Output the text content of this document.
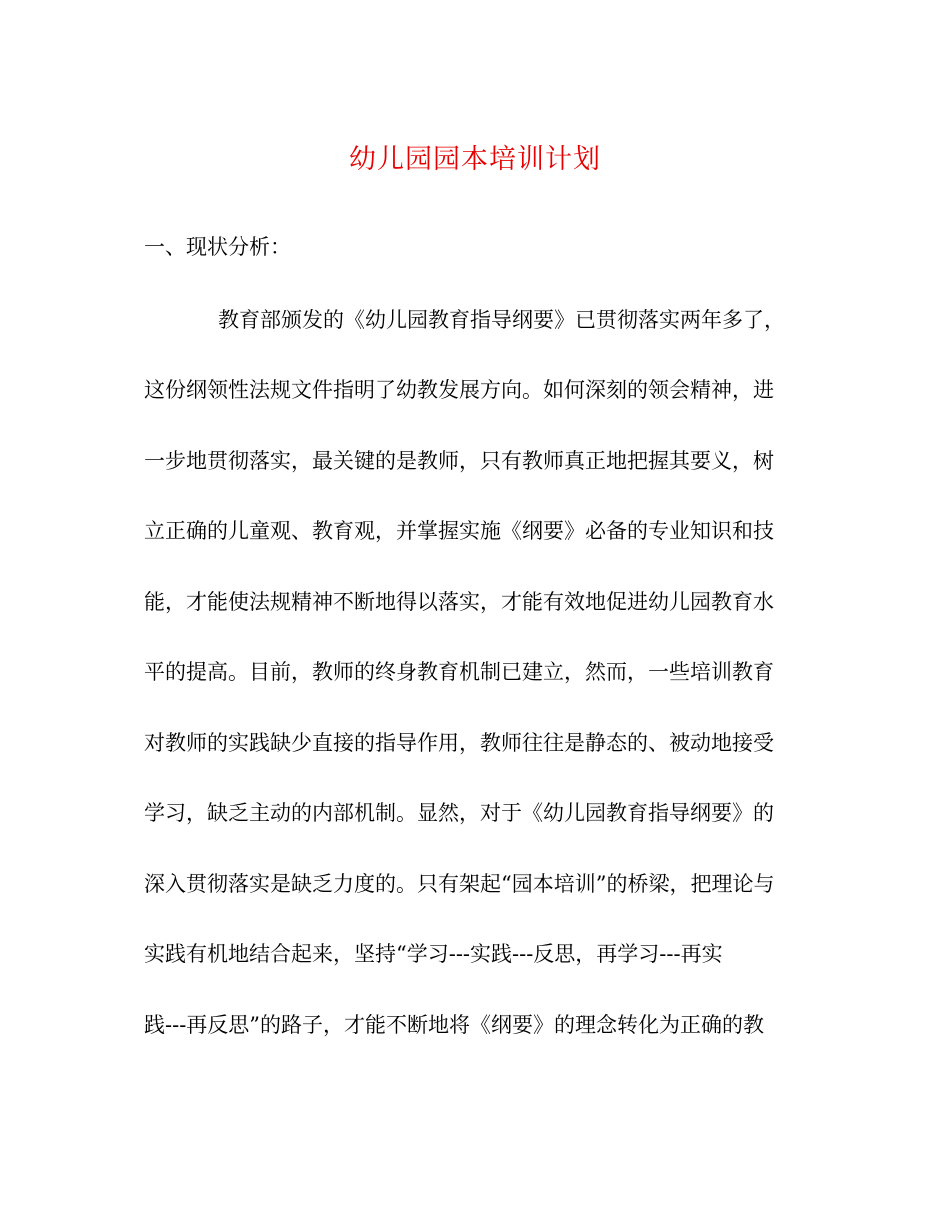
幼儿园园本培训计划
一、现状分析：
教育部颁发的《幼儿园教育指导纲要》已贯彻落实两年多了，
这份纲领性法规文件指明了幼教发展方向。如何深刻的领会精神，进
一步地贯彻落实，最关键的是教师，只有教师真正地把握其要义，树
立正确的儿童观、教育观，并掌握实施《纲要》必备的专业知识和技
能，才能使法规精神不断地得以落实，才能有效地促进幼儿园教育水
平的提高。目前，教师的终身教育机制已建立，然而，一些培训教育
对教师的实践缺少直接的指导作用，教师往往是静态的、被动地接受
学习，缺乏主动的内部机制。显然，对于《幼儿园教育指导纲要》的
深入贯彻落实是缺乏力度的。只有架起“园本培训”的桥梁，把理论与
实践有机地结合起来，坚持“学习---实践---反思，再学习---再实
践---再反思”的路子，才能不断地将《纲要》的理念转化为正确的教
